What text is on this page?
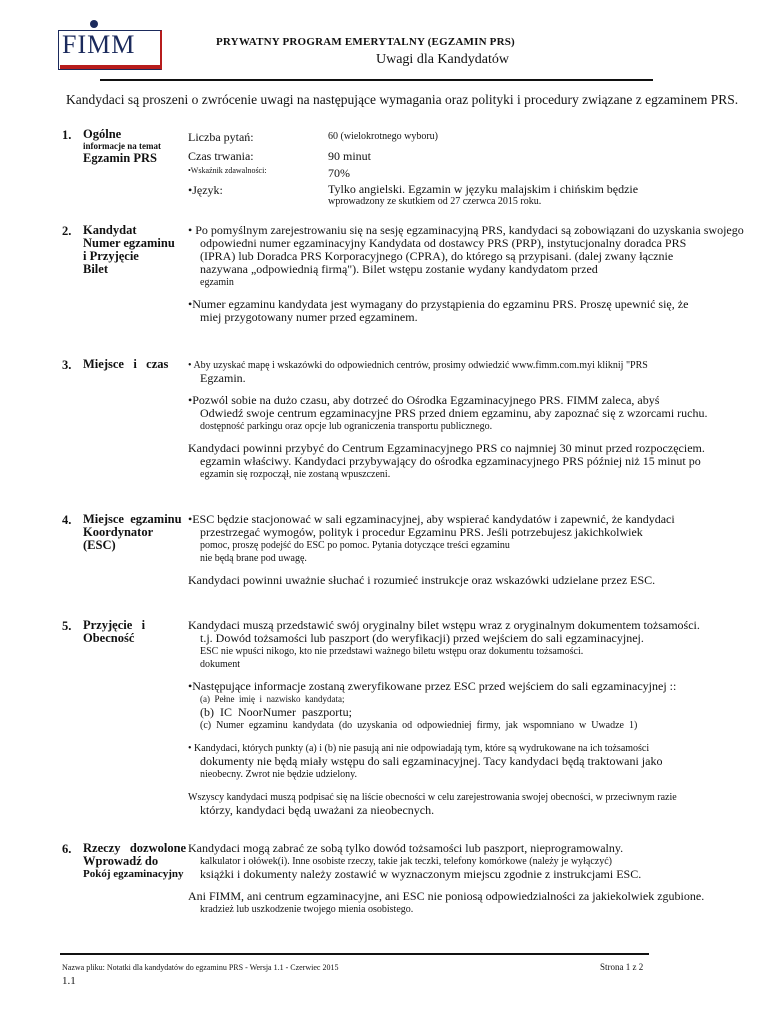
FIMM	PRYWATNY PROGRAM EMERYTALNY (EGZAMIN PRS)
Uwagi dla Kandydatów
Kandydaci są proszeni o zwrócenie uwagi na następujące wymagania oraz polityki i procedury związane z egzaminem PRS.
1. Ogólne
informacje na temat
Egzamin PRS
Liczba pytań:	60 (wielokrotnego wyboru)
Czas trwania:	90 minut
•Wskaźnik zdawalności:	70%
•Język:	Tylko angielski. Egzamin w języku malajskim i chińskim będzie
wprowadzony ze skutkiem od 27 czerwca 2015 roku.
2. Kandydat
Numer egzaminu
i Przyjęcie
Bilet

• Po pomyślnym zarejestrowaniu się na sesję egzaminacyjną PRS, kandydaci są zobowiązani do uzyskania swojego

odpowiedni numer egzaminacyjny Kandydata od dostawcy PRS (PRP), instytucjonalny doradca PRS
(IPRA) lub Doradca PRS Korporacyjnego (CPRA), do którego są przypisani. (dalej zwany łącznie
nazywana „odpowiednią firmą"). Bilet wstępu zostanie wydany kandydatom przed
egzamin

•Numer egzaminu kandydata jest wymagany do przystąpienia do egzaminu PRS. Proszę upewnić się, że

miej przygotowany numer przed egzaminem.

3. Miejsce   i   czas	• Aby uzyskać mapę i wskazówki do odpowiednich centrów, prosimy odwiedzić www.fimm.com.myi kliknij "PRS

Egzamin.

•Pozwól sobie na dużo czasu, aby dotrzeć do Ośrodka Egzaminacyjnego PRS. FIMM zaleca, abyś

Odwiedź swoje centrum egzaminacyjne PRS przed dniem egzaminu, aby zapoznać się z wzorcami ruchu.
dostępność parkingu oraz opcje lub ograniczenia transportu publicznego.

Kandydaci powinni przybyć do Centrum Egzaminacyjnego PRS co najmniej 30 minut przed rozpoczęciem.

egzamin właściwy. Kandydaci przybywający do ośrodka egzaminacyjnego PRS później niż 15 minut po
egzamin się rozpoczął, nie zostaną wpuszczeni.

4. Miejsce  egzaminu
Koordynator (ESC)

•ESC będzie stacjonować w sali egzaminacyjnej, aby wspierać kandydatów i zapewnić, że kandydaci

przestrzegać wymogów, polityk i procedur Egzaminu PRS. Jeśli potrzebujesz jakichkolwiek
pomoc, proszę podejść do ESC po pomoc. Pytania dotyczące treści egzaminu
nie będą brane pod uwagę.

Kandydaci powinni uważnie słuchać i rozumieć instrukcje oraz wskazówki udzielane przez ESC.

5. Przyjęcie   i
Obecność

Kandydaci muszą przedstawić swój oryginalny bilet wstępu wraz z oryginalnym dokumentem tożsamości.

t.j. Dowód tożsamości lub paszport (do weryfikacji) przed wejściem do sali egzaminacyjnej.
ESC nie wpuści nikogo, kto nie przedstawi ważnego biletu wstępu oraz dokumentu tożsamości.
dokument

•Następujące informacje zostaną zweryfikowane przez ESC przed wejściem do sali egzaminacyjnej ::

(a)  Pełne  imię  i  nazwisko  kandydata;
(b)  IC  NoorNumer  paszportu;
(c)  Numer  egzaminu  kandydata  (do  uzyskania  od  odpowiedniej  firmy,  jak  wspomniano  w  Uwadze  1)

• Kandydaci, których punkty (a) i (b) nie pasują ani nie odpowiadają tym, które są wydrukowane na ich tożsamości

dokumenty nie będą miały wstępu do sali egzaminacyjnej. Tacy kandydaci będą traktowani jako
nieobecny. Zwrot nie będzie udzielony.

Wszyscy kandydaci muszą podpisać się na liście obecności w celu zarejestrowania swojej obecności, w przeciwnym razie

którzy, kandydaci będą uważani za nieobecnych.

6. Rzeczy   dozwolone
Wprowadź do
Pokój egzaminacyjny

Kandydaci mogą zabrać ze sobą tylko dowód tożsamości lub paszport, nieprogramowalny.

kalkulator i ołówek(i). Inne osobiste rzeczy, takie jak teczki, telefony komórkowe (należy je wyłączyć)
książki i dokumenty należy zostawić w wyznaczonym miejscu zgodnie z instrukcjami ESC.

Ani FIMM, ani centrum egzaminacyjne, ani ESC nie poniosą odpowiedzialności za jakiekolwiek zgubione.

kradzież lub uszkodzenie twojego mienia osobistego.

Nazwa pliku: Notatki dla kandydatów do egzaminu PRS - Wersja 1.1 - Czerwiec 2015	Strona 1 z 2
1.1
